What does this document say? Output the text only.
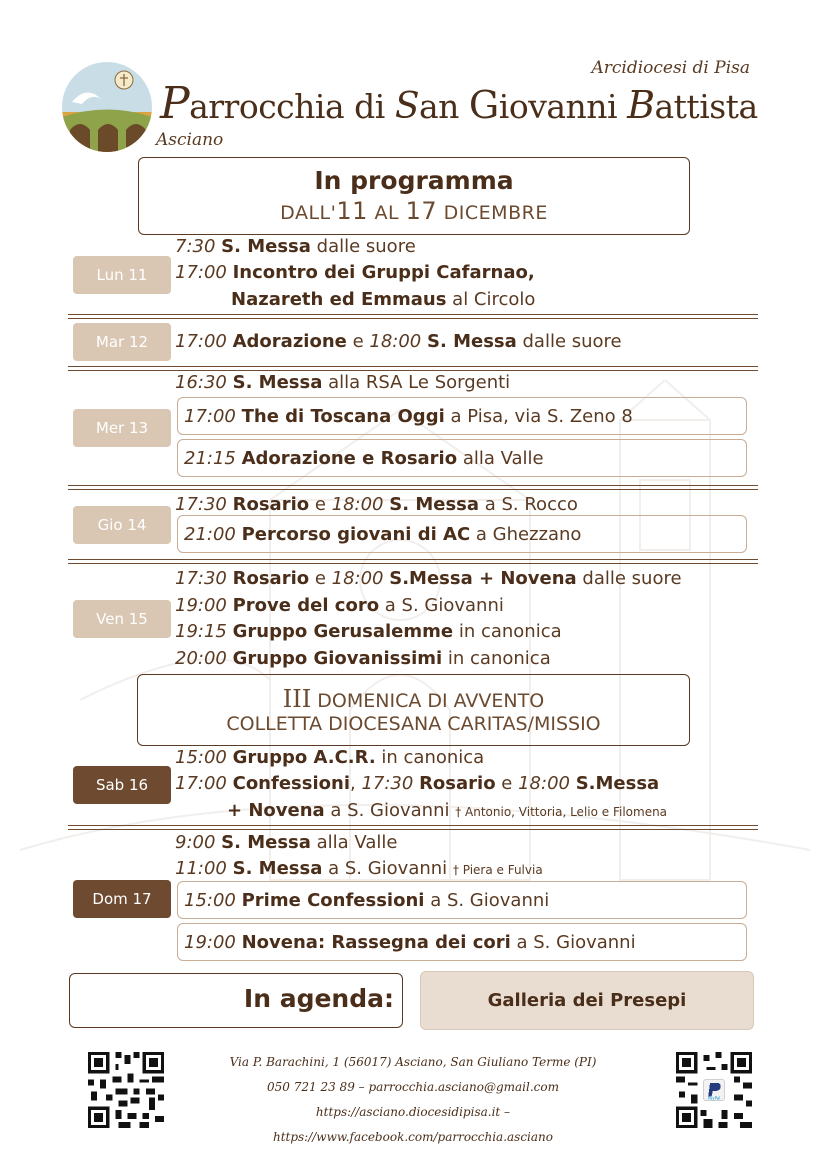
Arcidiocesi di Pisa
Parrocchia di San Giovanni Battista
Asciano
In programma
DALL'11 AL 17 DICEMBRE
Lun 11
7:30 S. Messa dalle suore
17:00 Incontro dei Gruppi Cafarnao,
Nazareth ed Emmaus al Circolo
Mar 12	17:00 Adorazione e 18:00 S. Messa dalle suore
Mer 13
16:30 S. Messa alla RSA Le Sorgenti
17:00 The di Toscana Oggi a Pisa, via S. Zeno 8
21:15 Adorazione e Rosario alla Valle
Gio 14
17:30 Rosario e 18:00 S. Messa a S. Rocco
21:00 Percorso giovani di AC a Ghezzano
Ven 15
17:30 Rosario e 18:00 S.Messa + Novena dalle suore
19:00 Prove del coro a S. Giovanni
19:15 Gruppo Gerusalemme in canonica
20:00 Gruppo Giovanissimi in canonica
III DOMENICA DI AVVENTO
COLLETTA DIOCESANA CARITAS/MISSIO
Sab 16
15:00 Gruppo A.C.R. in canonica
17:00 Confessioni, 17:30 Rosario e 18:00 S.Messa
+ Novena a S. Giovanni † Antonio, Vittoria, Lelio e Filomena
Dom 17
9:00 S. Messa alla Valle
11:00 S. Messa a S. Giovanni † Piera e Fulvia
15:00 Prime Confessioni a S. Giovanni
19:00 Novena: Rassegna dei cori a S. Giovanni
In agenda:	Galleria dei Presepi
PayPal
Via P. Barachini, 1 (56017) Asciano, San Giuliano Terme (PI)
050 721 23 89 – parrocchia.asciano@gmail.com
https://asciano.diocesidipisa.it – https://www.facebook.com/parrocchia.asciano
